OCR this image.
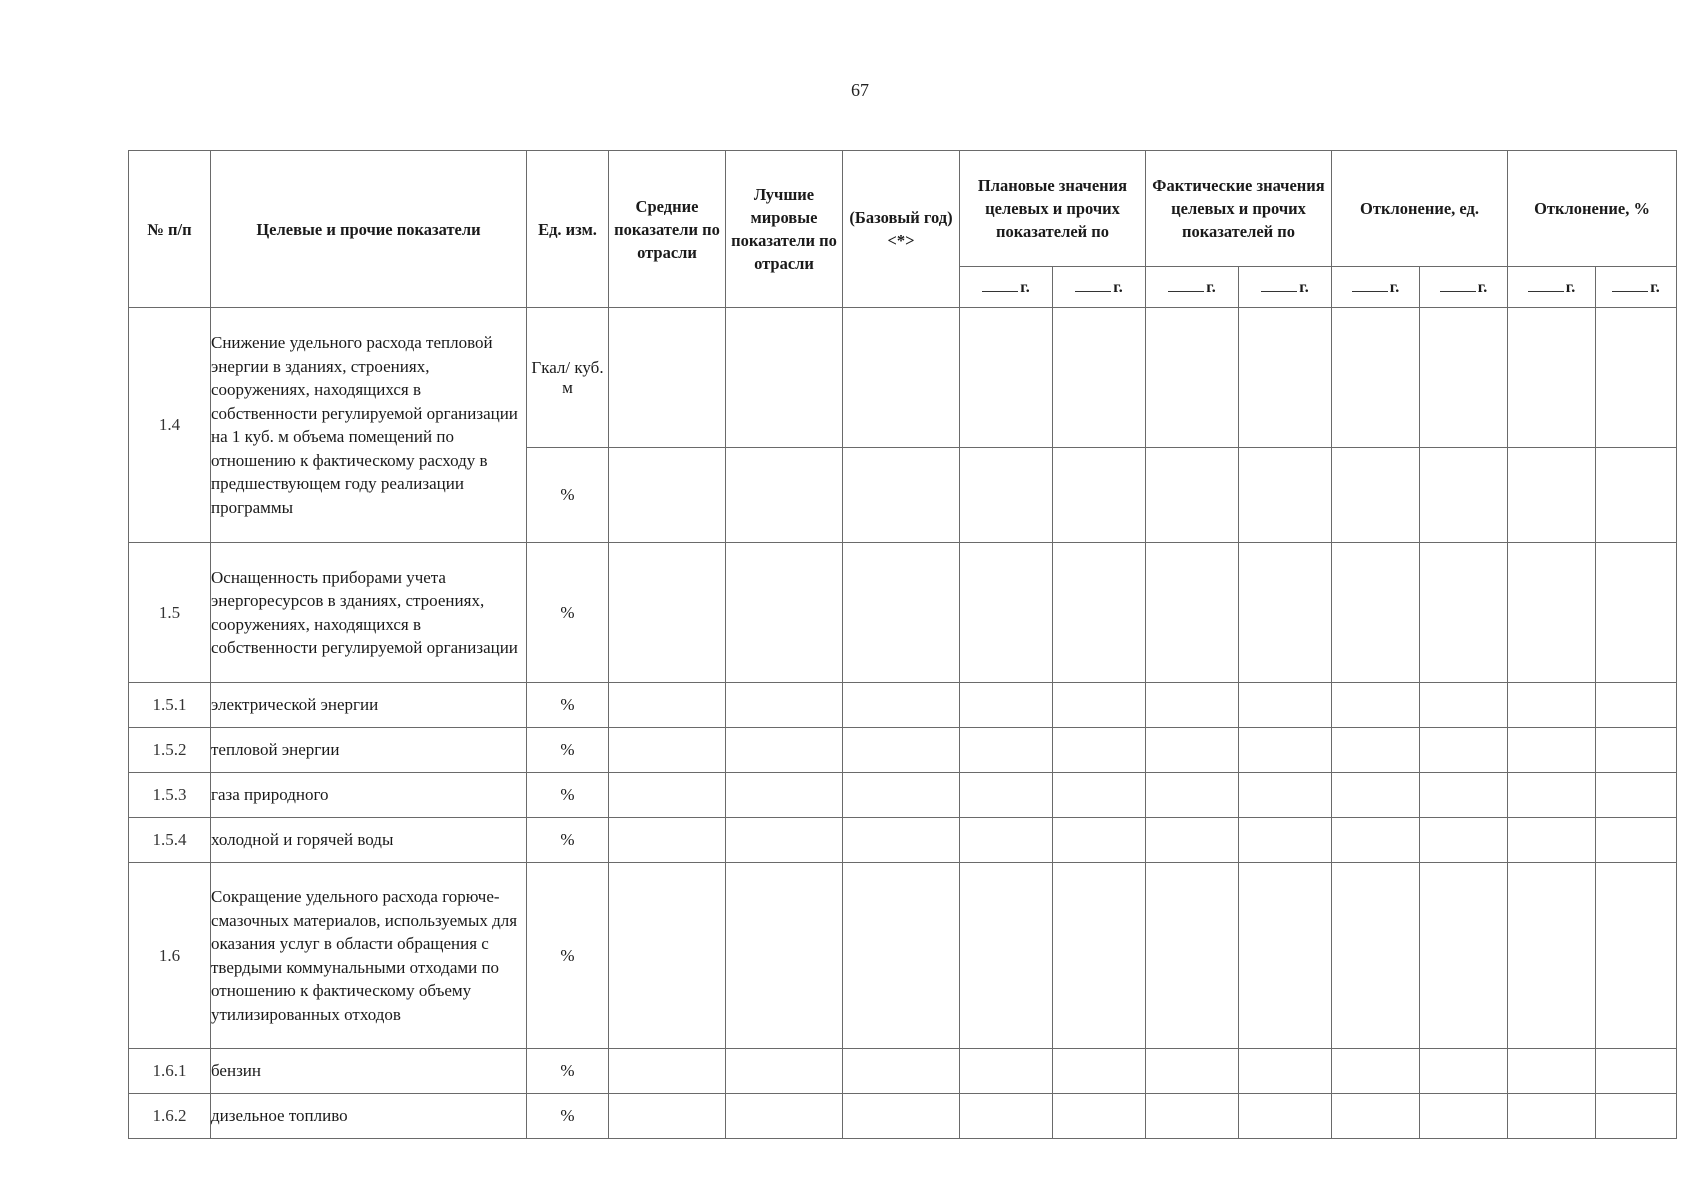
67
№ п/п	Целевые и прочие показатели	Ед. изм.	Средние показатели по отрасли	Лучшие мировые показатели по отрасли	(Базовый год) <*>	Плановые значения целевых и прочих показателей по		Фактические значения целевых и прочих показателей по		Отклонение, ед.		Отклонение, %	
						г.	г.	г.	г.	г.	г.	г.	г.
1.4	Снижение удельного расхода тепловой энергии в зданиях, строениях, сооружениях, находящихся в собственности регулируемой организации на 1 куб. м объема помещений по отношению к фактическому расходу в предшествующем году реализации программы	Гкал/ куб. м											
		%											
1.5	Оснащенность приборами учета энергоресурсов в зданиях, строениях, сооружениях, находящихся в собственности регулируемой организации	%											
1.5.1	электрической энергии	%											
1.5.2	тепловой энергии	%											
1.5.3	газа природного	%											
1.5.4	холодной и горячей воды	%											
1.6	Сокращение удельного расхода горюче-смазочных материалов, используемых для оказания услуг в области обращения с твердыми коммунальными отходами по отношению к фактическому объему утилизированных отходов	%											
1.6.1	бензин	%											
1.6.2	дизельное топливо	%											
